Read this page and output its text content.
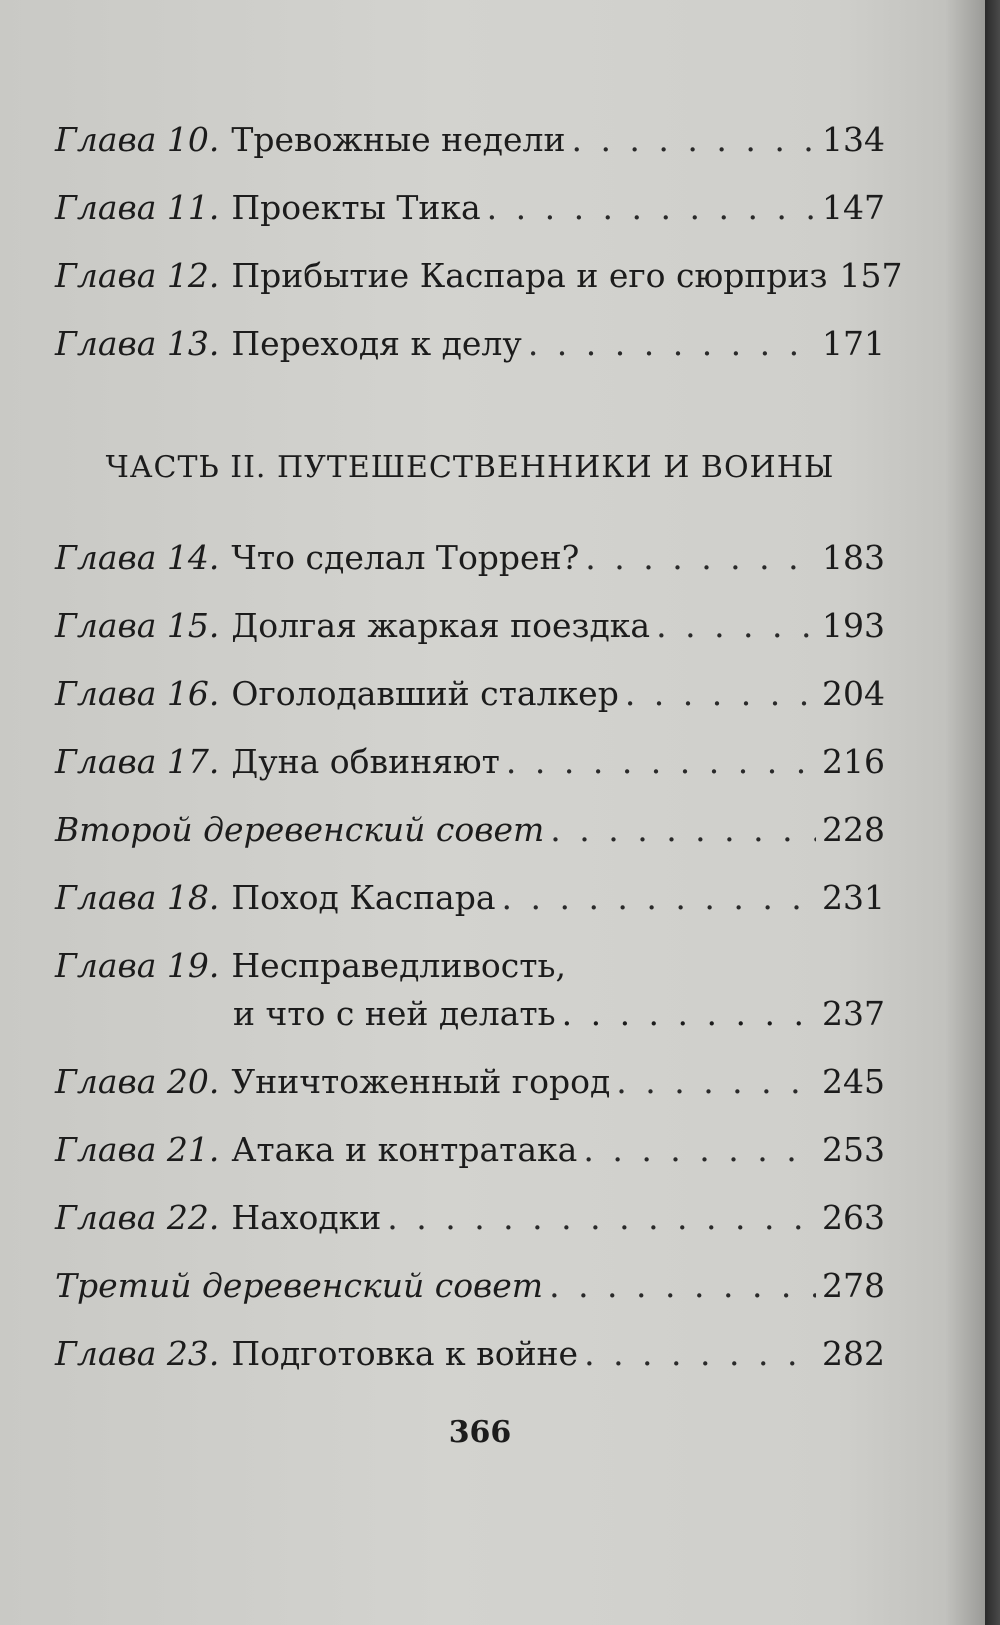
Глава 10. Тревожные недели . . .	134
Глава 11. Проекты Тика . . .	147
Глава 12. Прибытие Каспара и его сюрприз 157
Глава 13. Переходя к делу . . .	171
ЧАСТЬ II. ПУТЕШЕСТВЕННИКИ И ВОИНЫ
Глава 14. Что сделал Торрен? . . .	183
Глава 15. Долгая жаркая поездка . . .	193
Глава 16. Оголодавший сталкер . . .	204
Глава 17. Дуна обвиняют . . .	216
Второй деревенский совет . . .	228
Глава 18. Поход Каспара . . .	231
Глава 19. Несправедливость,
и что с ней делать . . .	237
Глава 20. Уничтоженный город . . .	245
Глава 21. Атака и контратака . . .	253
Глава 22. Находки . . .	263
Третий деревенский совет . . .	278
Глава 23. Подготовка к войне . . .	282
366
